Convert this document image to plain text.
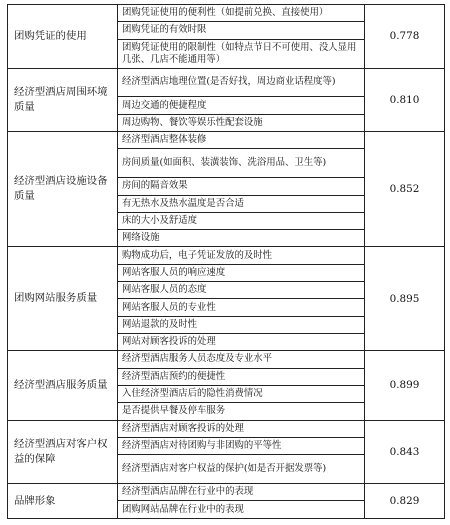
团购凭证的使用	团购凭证使用的便利性（如提前兑换、直接使用）	0.778
	团购凭证的有效时限	
	团购凭证使用的限制性（如特点节日不可使用、没人显用几张、几店不能通用等）	
经济型酒店周围环境质量	经济型酒店地理位置(是否好找，周边商业话程度等)	0.810
	周边交通的便捷程度	
	周边购物、餐饮等娱乐性配套设施	
经济型酒店设施设备质量	经济型酒店整体装修	0.852
	房间质量(如面积、装潢装饰、洗浴用品、卫生等)	
	房间的隔音效果	
	有无热水及热水温度是否合适	
	床的大小及舒适度	
	网络设施	
团购网站服务质量	购物成功后，电子凭证发放的及时性	0.895
	网站客服人员的响应速度	
	网站客服人员的态度	
	网站客服人员的专业性	
	网站退款的及时性	
	网站对顾客投诉的处理	
经济型酒店服务质量	经济型酒店服务人员态度及专业水平	0.899
	经济型酒店预约的便捷性	
	入住经济型酒店后的隐性消费情况	
	是否提供早餐及停车服务	
经济型酒店对客户权益的保障	经济型酒店对顾客投诉的处理	0.843
	经济型酒店对待团购与非团购的平等性	
	经济型酒店对客户权益的保护(如是否开据发票等)	
品牌形象	经济型酒店品牌在行业中的表现	0.829
	团购网站品牌在行业中的表现	
